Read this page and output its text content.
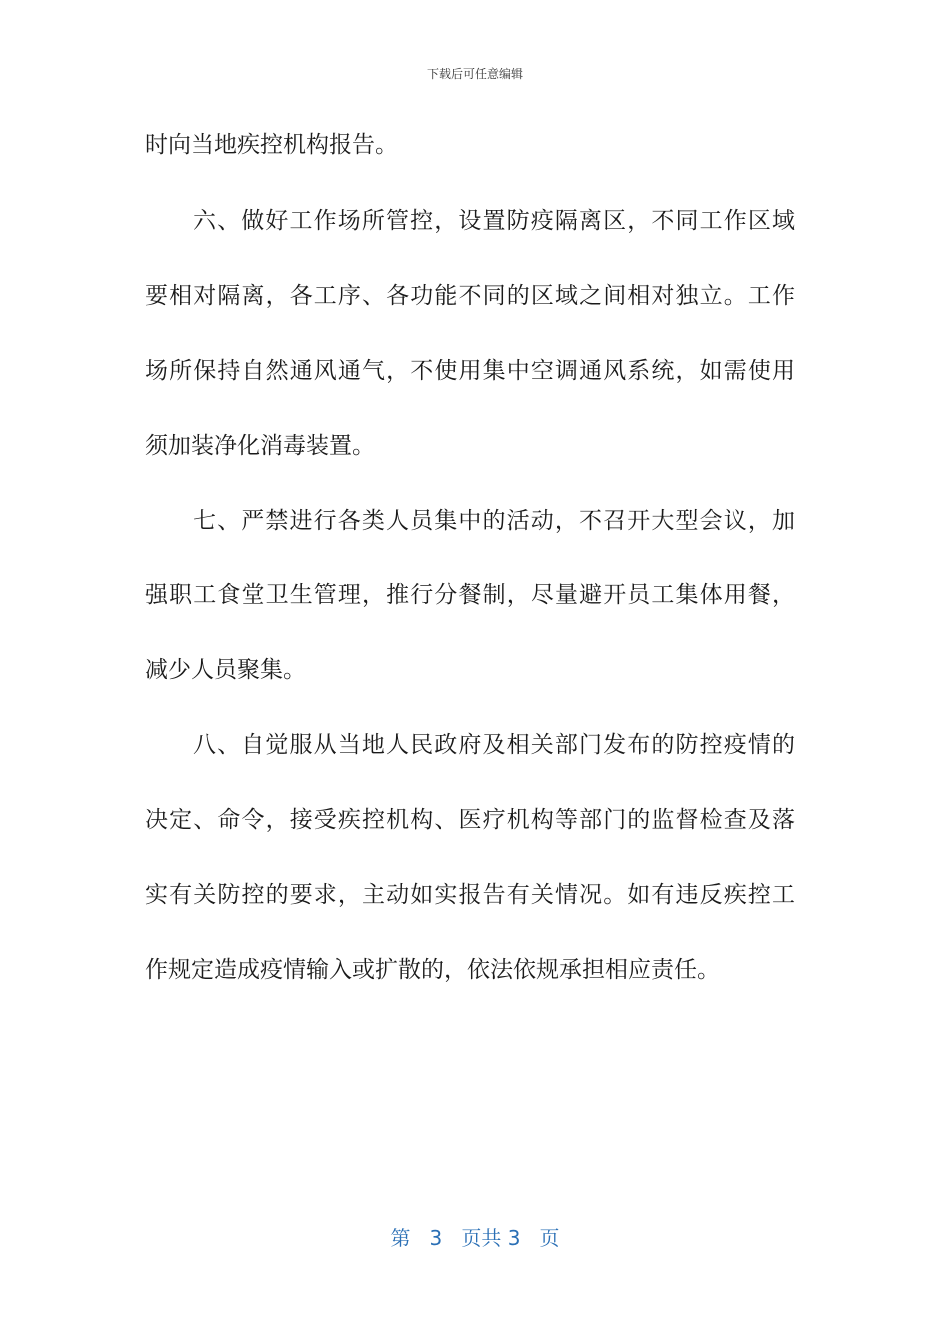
下载后可任意编辑
时向当地疾控机构报告。
六、做好工作场所管控，设置防疫隔离区，不同工作区域
要相对隔离，各工序、各功能不同的区域之间相对独立。工作
场所保持自然通风通气，不使用集中空调通风系统，如需使用
须加装净化消毒装置。
七、严禁进行各类人员集中的活动，不召开大型会议，加
强职工食堂卫生管理，推行分餐制，尽量避开员工集体用餐，
减少人员聚集。
八、自觉服从当地人民政府及相关部门发布的防控疫情的
决定、命令，接受疾控机构、医疗机构等部门的监督检查及落
实有关防控的要求，主动如实报告有关情况。如有违反疾控工
作规定造成疫情输入或扩散的，依法依规承担相应责任。
第 3 页共 3 页
